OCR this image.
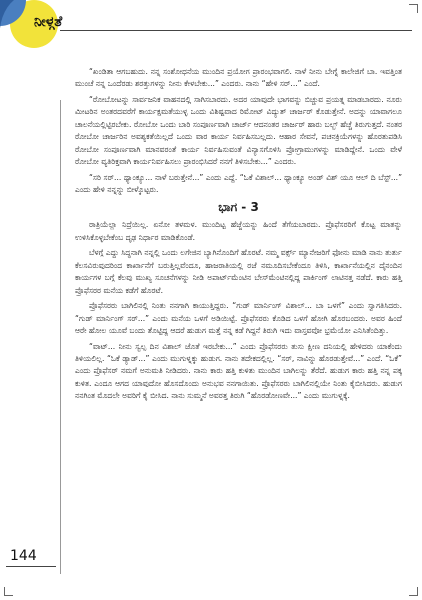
ನೀಳ್ಗತೆ

“ಖಂಡಿತಾ ಆಗಬಹುದು. ನನ್ನ ಸಂಶೋಧನೆಯ ಮುಂದಿನ ಪ್ರಯೋಗ ಪ್ರಾರಂಭವಾಗಲಿ. ನಾಳೆ ನೀನು ಬೇಗ್ನೆ ಕಾಲೇಜಿಗೆ ಬಾ. ಇವತ್ತಿಂತ ಮುಂಚೆ ನನ್ನ ಒಂದೆರಡು ಶರತ್ತುಗಳನ್ನು ನೀನು ಕೇಳಬೇಕು...” ಎಂದರು. ನಾನು “ಹೇಳಿ ಸರ್...” ಎಂದೆ.

“ರೋಬೋಟನ್ನು ಸಾರ್ವಜನಿಕ ವಾಹನದಲ್ಲಿ ಸಾಗಿಸಬಾರದು. ಅದರ ಯಾವುದೇ ಭಾಗವನ್ನು ಬಿಚ್ಚುವ ಪ್ರಯತ್ನ ಮಾಡಬಾರದು. ನೂರು ಮೀಟರಿನ ಅಂತರದವರೆಗೆ ಕಾರ್ಯಕ್ಷಮತೆಯುಳ್ಳ ಒಂದು ವಿಶಿಷ್ಟವಾದ ರಿಮೋಟ್ ವಿದ್ಯುತ್ ಚಾರ್ಜರ್ ಕೊಡುತ್ತೇನೆ. ಅದನ್ನು ಯಾವಾಗಲೂ ಚಾಲನೆಯಲ್ಲಿಟ್ಟಿರಬೇಕು. ರೋಬೋ ಒಂದು ಬಾರಿ ಸಂಪೂರ್ಣವಾಗಿ ಚಾರ್ಜ್ ಆದನಂತರ ಚಾರ್ಜರ್ ಹಾರು ಬಲ್ಬ್ ಹೆಚ್ಚೆ ತಿರುಗುತ್ತದೆ. ನಂತರ ರೋಬೋ ಚಾರ್ಜರಿನ ಅವಶ್ಯಕತೆಯಿಲ್ಲದೆ ಒಂದು ವಾರ ಕಾರ್ಯ ನಿರ್ವಹಿಸಬಲ್ಲದು. ಆಹಾರ ಸೇವನೆ, ಪಚನಕ್ರಿಯೆಗಳನ್ನು ಹೊರತುಪಡಿಸಿ ರೋಬೋ ಸಂಪೂರ್ಣವಾಗಿ ಮಾನವರಂತೆ ಕಾರ್ಯ ನಿರ್ವಹಿಸುವಂತೆ ವಿನ್ಯಾಸಗೊಳಿಸಿ ಪ್ರೋಗ್ರಾಮುಗಳನ್ನು ಮಾಡಿದ್ದೇನೆ. ಒಂದು ವೇಳೆ ರೋಬೋ ವ್ಯತಿರಿಕ್ತವಾಗಿ ಕಾರ್ಯನಿರ್ವಹಿಸಲು ಪ್ರಾರಂಭಿಸಿದರೆ ನನಗೆ ತಿಳಿಸಬೇಕು...” ಎಂದರು.

“ಸರಿ ಸರ್... ಥ್ಯಾಂಕ್ಯೂ... ನಾಳೆ ಬರುತ್ತೇನೆ...” ಎಂದು ಎದ್ದೆ. “ಓಕೆ ವಿಶಾಲ್... ಥ್ಯಾಂಕ್ಯೂ ಅಂಡ್ ವಿಶ್ ಯೂ ಆಲ್ ದಿ ಬೆಸ್ಟ್...” ಎಂದು ಹೇಳಿ ನನ್ನನ್ನು ಬೀಳ್ಕೊಟ್ಟರು.

ಭಾಗ - 3

ರಾತ್ರಿಯೆಲ್ಲಾ ನಿದ್ರೆಯಿಲ್ಲ. ಏನೋ ತಳಮಳ. ಮುಂದಿಟ್ಟ ಹೆಜ್ಜೆಯನ್ನು ಹಿಂದೆ ತೆಗೆಯಬಾರದು. ಪ್ರೊಫೆಸರರಿಗೆ ಕೊಟ್ಟ ಮಾತನ್ನು ಉಳಿಸಿಕೊಳ್ಳಬೇಕೆಂಬ ದೃಢ ನಿರ್ಧಾರ ಮಾಡಿಕೊಂಡೆ.

ಬೆಳಗ್ಗೆ ಎದ್ದು ಸಿದ್ಧನಾಗಿ ನನ್ನಲ್ಲಿ ಒಂದು ಲಗೇಜಿನ ಬ್ಯಾಗಿನೊಂದಿಗೆ ಹೊರಟೆ. ನಮ್ಮ ವರ್ಕ್ಸ್ ಮ್ಯಾನೇಜರಿಗೆ ಫೋನು ಮಾಡಿ ನಾನು ತುರ್ತು ಕೆಲಸವಿರುವುದರಿಂದ ಕಾರ್ಖಾನೆಗೆ ಬರುತ್ತಿಲ್ಲವೆಂದೂ, ಹಾಜರಾತಿಯಲ್ಲಿ ರಜೆ ನಮೂದಿಸಬೇಕೆಂದೂ ತಿಳಿಸಿ, ಕಾರ್ಖಾನೆಯಲ್ಲಿನ ದೈನಂದಿನ ಕಾರ್ಯಗಳ ಬಗ್ಗೆ ಕೆಲವು ಮುಖ್ಯ ಸೂಚನೆಗಳನ್ನು ನೀಡಿ ಅಪಾರ್ಟ್‌ಮೆಂಟಿನ ಬೇಸ್‌ಮೆಂಟಿನಲ್ಲಿದ್ದ ಪಾರ್ಕಿಂಗ್ ಲಾಟಿನತ್ತ ನಡೆದೆ. ಕಾರು ಹತ್ತಿ ಪ್ರೊಫೆಸರರ ಮನೆಯ ಕಡೆಗೆ ಹೊರಟೆ.

ಪ್ರೊಫೆಸರರು ಬಾಗಿಲಿನಲ್ಲಿ ನಿಂತು ನನಗಾಗಿ ಕಾಯುತ್ತಿದ್ದರು. “ಗುಡ್ ಮಾರ್ನಿಂಗ್ ವಿಶಾಲ್... ಬಾ ಒಳಗೆ” ಎಂದು ಸ್ವಾಗತಿಸಿದರು. “ಗುಡ್ ಮಾರ್ನಿಂಗ್ ಸರ್...” ಎಂದು ಮನೆಯ ಒಳಗೆ ಅಡಿಯಿಟ್ಟೆ. ಪ್ರೊಫೆಸರರು ಕೊಡಿದ ಒಳಗೆ ಹೋಗಿ ಹೊರಬಂದರು. ಅವರ ಹಿಂದೆ ಆರೇ ಹೋಲ ಯೂವೆ ಬಂದು ತೊಟ್ಟಿದ್ದ ಆದರೆ ಹುಡುಗ ಮತ್ತೆ ನನ್ನ ಕಡೆ ಗಿದ್ದನೆ ತಿರುಗಿ ಇದು ವಾಸ್ತವವೋ ಭ್ರಮೆಯೋ ಎನಿಸಿತೆಂದಿತ್ತು.

“ವಾಟ್... ನೀನು ಸ್ವಲ್ಪ ದಿನ ವಿಶಾಲ್ ಜೊತೆ ಇರಬೇಕು...” ಎಂದು ಪ್ರೊಫೆಸರರು ತುಸು ಕ್ಷೀಣ ದನಿಯಲ್ಲಿ ಹೇಳಿದರು ಯಾಕೆಂದು ತಿಳಿಯಲಿಲ್ಲ. “ಓಕೆ ಡ್ಯಾಡ್...” ಎಂದು ಮುಗುಳ್ನಕ್ಕು ಹುಡುಗ. ನಾನು ತದೇಕದಲ್ಲಿಲ್ಲ. “ಸರ್, ನಾವಿನ್ನು ಹೊರಡುತ್ತೇವೆ...” ಎಂದೆ. “ಓಕೆ” ಎಂದು ಪ್ರೊಫೆಸರ್ ನಮಗೆ ಅನುಮತಿ ನೀಡಿದರು. ನಾನು ಕಾರು ಹತ್ತಿ ಕುಳಿತು ಮುಂದಿನ ಬಾಗಿಲನ್ನು ತೆರೆದೆ. ಹುಡುಗ ಕಾರು ಹತ್ತಿ ನನ್ನ ಪಕ್ಕ ಕುಳಿತ. ಎಂದೂ ಆಗದ ಯಾವುದೋ ಹೊಸದೊಂದು ಅನುಭವ ನನಗಾಯಿತು. ಪ್ರೊಫೆಸರರು ಬಾಗಿಲಿನಲ್ಲಿಯೇ ನಿಂತು ಕೈಬೀಸಿದರು. ಹುಡುಗ ನನಗಿಂತ ಮೊದಲೇ ಅವರಿಗೆ ಕೈ ಬೀಸಿದ. ನಾನು ಸುಮ್ಮನೆ ಅವರತ್ತ ತಿರುಗಿ “ಹೊರಡೋಣವೇ...” ಎಂದು ಮುಗುಳ್ನಕ್ಕೆ.

144
